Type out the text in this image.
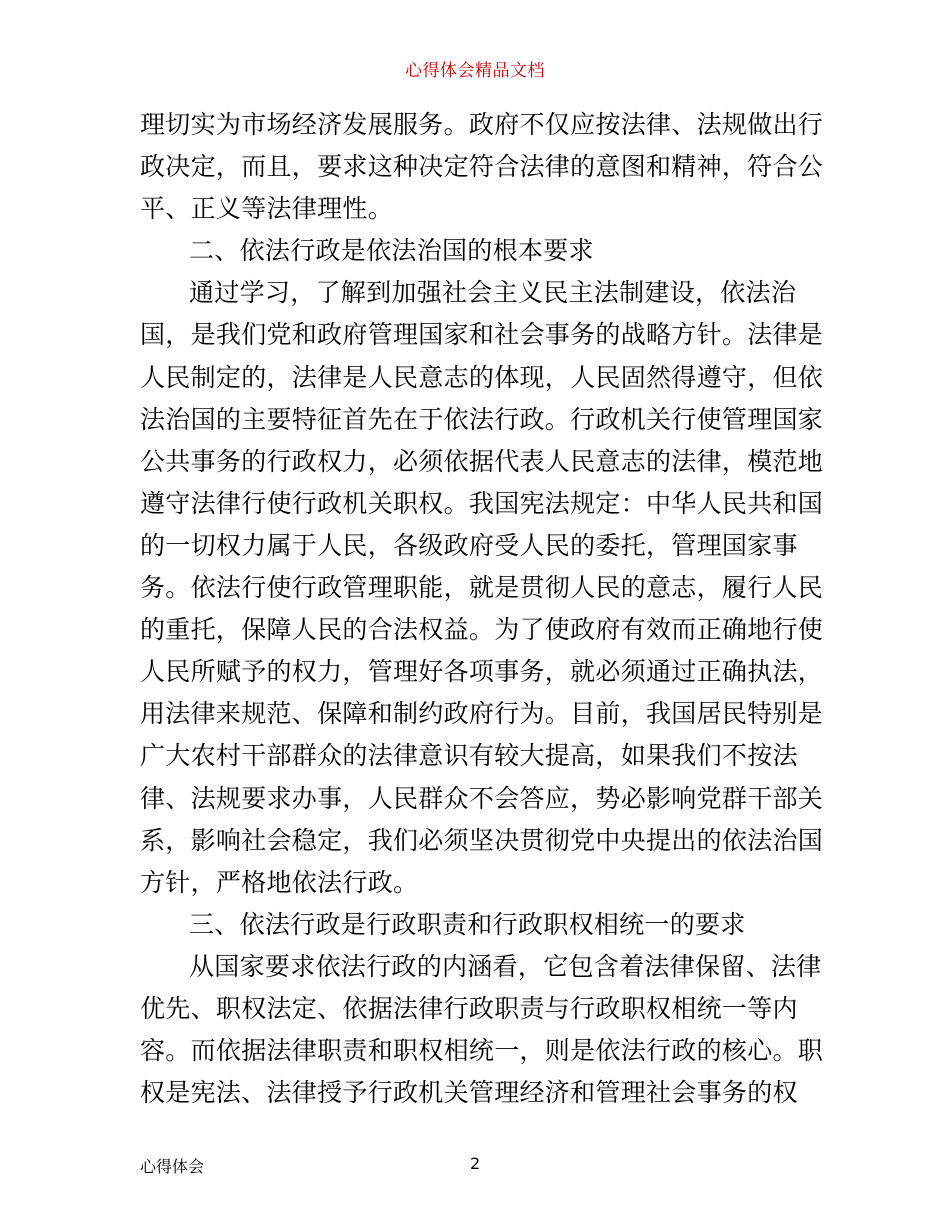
心得体会精品文档
理切实为市场经济发展服务。政府不仅应按法律、法规做出行
政决定，而且，要求这种决定符合法律的意图和精神，符合公
平、正义等法律理性。
二、依法行政是依法治国的根本要求
通过学习，了解到加强社会主义民主法制建设，依法治
国，是我们党和政府管理国家和社会事务的战略方针。法律是
人民制定的，法律是人民意志的体现，人民固然得遵守，但依
法治国的主要特征首先在于依法行政。行政机关行使管理国家
公共事务的行政权力，必须依据代表人民意志的法律，模范地
遵守法律行使行政机关职权。我国宪法规定：中华人民共和国
的一切权力属于人民，各级政府受人民的委托，管理国家事
务。依法行使行政管理职能，就是贯彻人民的意志，履行人民
的重托，保障人民的合法权益。为了使政府有效而正确地行使
人民所赋予的权力，管理好各项事务，就必须通过正确执法，
用法律来规范、保障和制约政府行为。目前，我国居民特别是
广大农村干部群众的法律意识有较大提高，如果我们不按法
律、法规要求办事，人民群众不会答应，势必影响党群干部关
系，影响社会稳定，我们必须坚决贯彻党中央提出的依法治国
方针，严格地依法行政。
三、依法行政是行政职责和行政职权相统一的要求
从国家要求依法行政的内涵看，它包含着法律保留、法律
优先、职权法定、依据法律行政职责与行政职权相统一等内
容。而依据法律职责和职权相统一，则是依法行政的核心。职
权是宪法、法律授予行政机关管理经济和管理社会事务的权
心得体会	2
